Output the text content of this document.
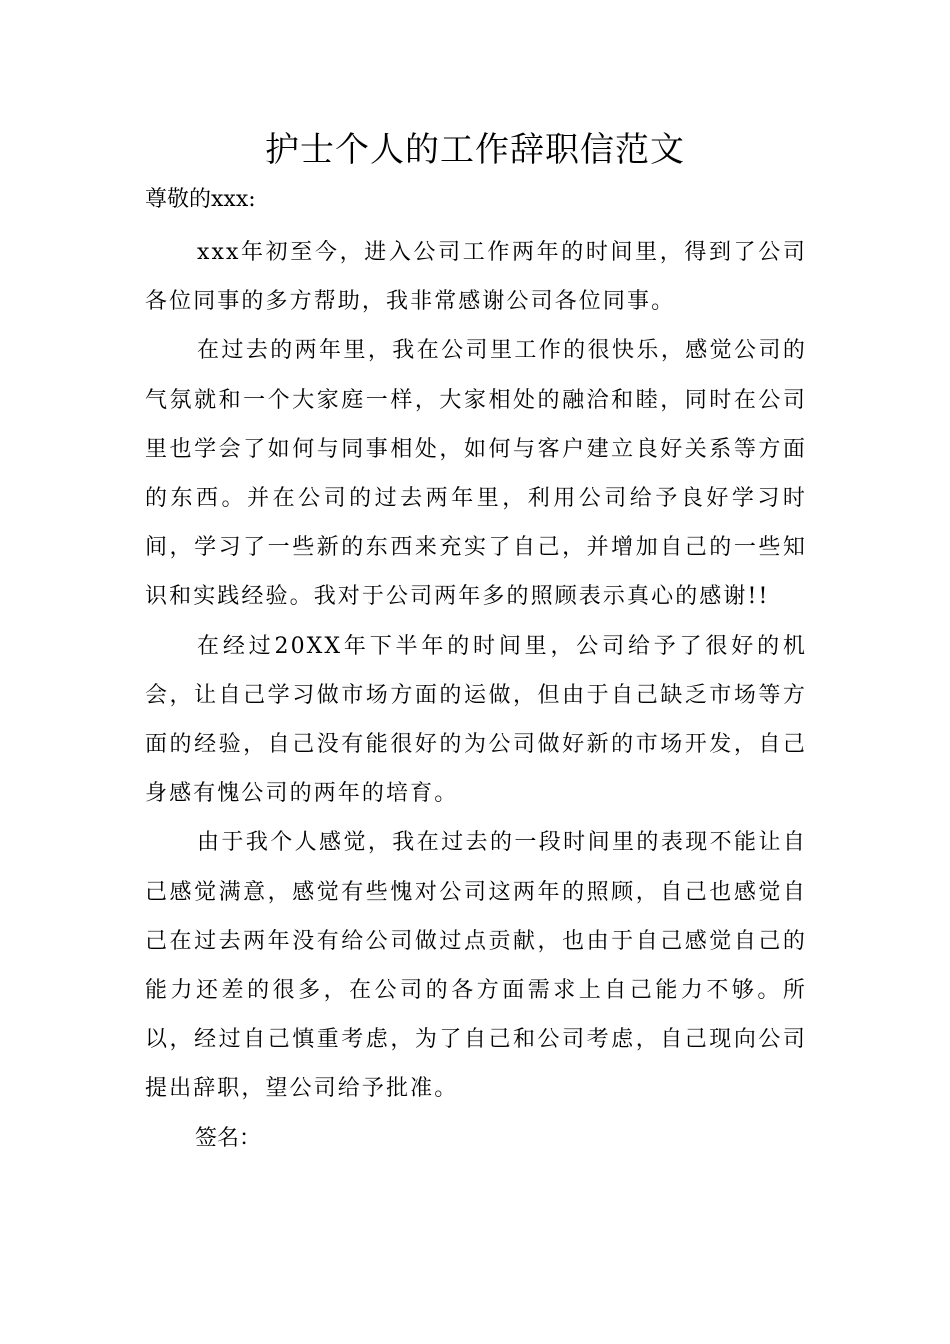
护士个人的工作辞职信范文

尊敬的xxx:

xxx年初至今，进入公司工作两年的时间里，得到了公司各位同事的多方帮助，我非常感谢公司各位同事。

在过去的两年里，我在公司里工作的很快乐，感觉公司的气氛就和一个大家庭一样，大家相处的融洽和睦，同时在公司里也学会了如何与同事相处，如何与客户建立良好关系等方面的东西。并在公司的过去两年里，利用公司给予良好学习时间，学习了一些新的东西来充实了自己，并增加自己的一些知识和实践经验。我对于公司两年多的照顾表示真心的感谢!!

在经过20XX年下半年的时间里，公司给予了很好的机会，让自己学习做市场方面的运做，但由于自己缺乏市场等方面的经验，自己没有能很好的为公司做好新的市场开发，自己身感有愧公司的两年的培育。

由于我个人感觉，我在过去的一段时间里的表现不能让自己感觉满意，感觉有些愧对公司这两年的照顾，自己也感觉自己在过去两年没有给公司做过点贡献，也由于自己感觉自己的能力还差的很多，在公司的各方面需求上自己能力不够。所以，经过自己慎重考虑，为了自己和公司考虑，自己现向公司提出辞职，望公司给予批准。

签名：
